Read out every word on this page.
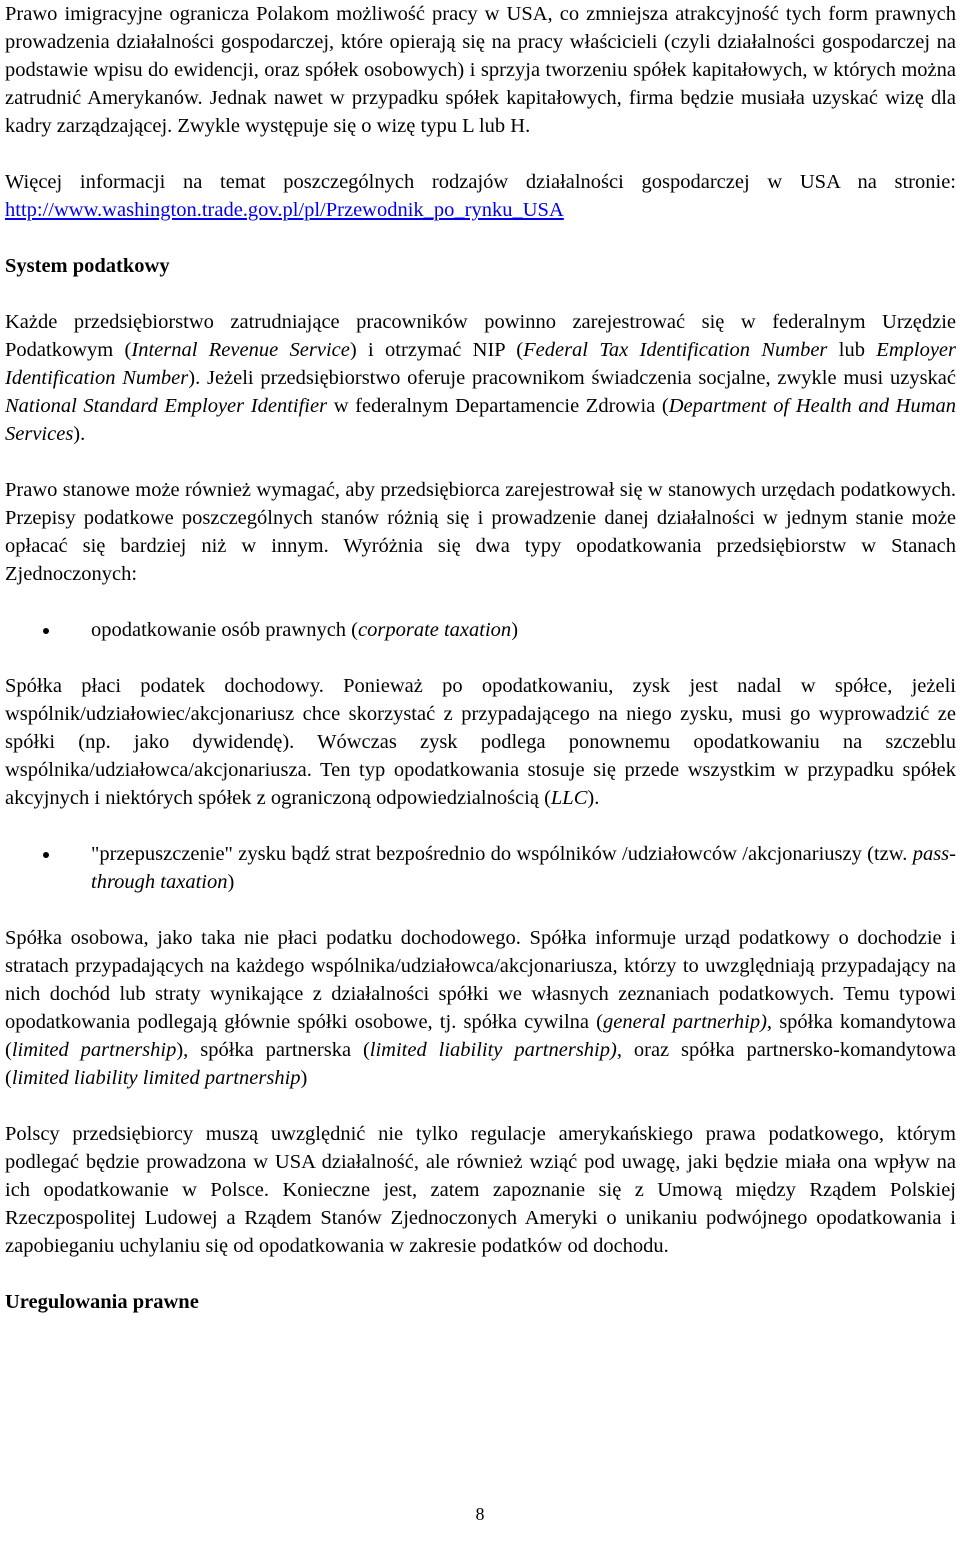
Prawo imigracyjne ogranicza Polakom możliwość pracy w USA, co zmniejsza atrakcyjność tych form prawnych prowadzenia działalności gospodarczej, które opierają się na pracy właścicieli (czyli działalności gospodarczej na podstawie wpisu do ewidencji, oraz spółek osobowych) i sprzyja tworzeniu spółek kapitałowych, w których można zatrudnić Amerykanów. Jednak nawet w przypadku spółek kapitałowych, firma będzie musiała uzyskać wizę dla kadry zarządzającej. Zwykle występuje się o wizę typu L lub H.

Więcej informacji na temat poszczególnych rodzajów działalności gospodarczej w USA na stronie: http://www.washington.trade.gov.pl/pl/Przewodnik_po_rynku_USA

System podatkowy

Każde przedsiębiorstwo zatrudniające pracowników powinno zarejestrować się w federalnym Urzędzie Podatkowym (Internal Revenue Service) i otrzymać NIP (Federal Tax Identification Number lub Employer Identification Number). Jeżeli przedsiębiorstwo oferuje pracownikom świadczenia socjalne, zwykle musi uzyskać National Standard Employer Identifier w federalnym Departamencie Zdrowia (Department of Health and Human Services).

Prawo stanowe może również wymagać, aby przedsiębiorca zarejestrował się w stanowych urzędach podatkowych. Przepisy podatkowe poszczególnych stanów różnią się i prowadzenie danej działalności w jednym stanie może opłacać się bardziej niż w innym. Wyróżnia się dwa typy opodatkowania przedsiębiorstw w Stanach Zjednoczonych:

opodatkowanie osób prawnych (corporate taxation)

Spółka płaci podatek dochodowy. Ponieważ po opodatkowaniu, zysk jest nadal w spółce, jeżeli wspólnik/udziałowiec/akcjonariusz chce skorzystać z przypadającego na niego zysku, musi go wyprowadzić ze spółki (np. jako dywidendę). Wówczas zysk podlega ponownemu opodatkowaniu na szczeblu wspólnika/udziałowca/akcjonariusza. Ten typ opodatkowania stosuje się przede wszystkim w przypadku spółek akcyjnych i niektórych spółek z ograniczoną odpowiedzialnością (LLC).

"przepuszczenie" zysku bądź strat bezpośrednio do wspólników /udziałowców /akcjonariuszy (tzw. pass-through taxation)

Spółka osobowa, jako taka nie płaci podatku dochodowego. Spółka informuje urząd podatkowy o dochodzie i stratach przypadających na każdego wspólnika/udziałowca/akcjonariusza, którzy to uwzględniają przypadający na nich dochód lub straty wynikające z działalności spółki we własnych zeznaniach podatkowych. Temu typowi opodatkowania podlegają głównie spółki osobowe, tj. spółka cywilna (general partnerhip), spółka komandytowa (limited partnership), spółka partnerska (limited liability partnership), oraz spółka partnersko-komandytowa (limited liability limited partnership)

Polscy przedsiębiorcy muszą uwzględnić nie tylko regulacje amerykańskiego prawa podatkowego, którym podlegać będzie prowadzona w USA działalność, ale również wziąć pod uwagę, jaki będzie miała ona wpływ na ich opodatkowanie w Polsce. Konieczne jest, zatem zapoznanie się z Umową między Rządem Polskiej Rzeczpospolitej Ludowej a Rządem Stanów Zjednoczonych Ameryki o unikaniu podwójnego opodatkowania i zapobieganiu uchylaniu się od opodatkowania w zakresie podatków od dochodu.

Uregulowania prawne

8
